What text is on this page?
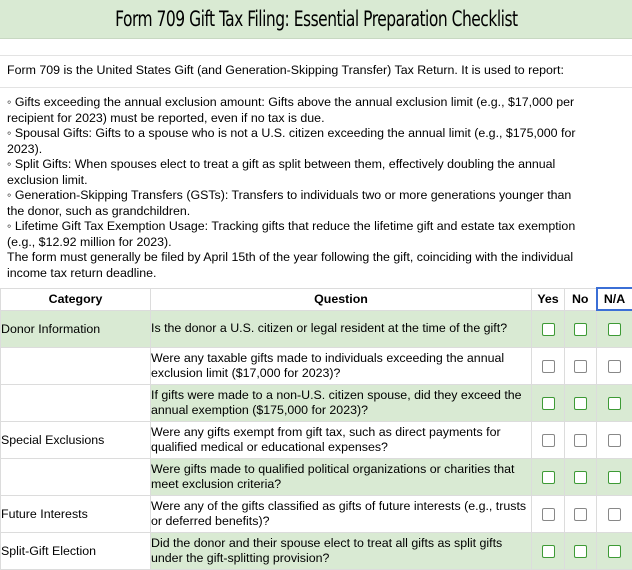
Form 709 Gift Tax Filing: Essential Preparation Checklist
Form 709 is the United States Gift (and Generation-Skipping Transfer) Tax Return. It is used to report:
◦ Gifts exceeding the annual exclusion amount: Gifts above the annual exclusion limit (e.g., $17,000 per
recipient for 2023) must be reported, even if no tax is due.
◦ Spousal Gifts: Gifts to a spouse who is not a U.S. citizen exceeding the annual limit (e.g., $175,000 for
2023).
◦ Split Gifts: When spouses elect to treat a gift as split between them, effectively doubling the annual
exclusion limit.
◦ Generation-Skipping Transfers (GSTs): Transfers to individuals two or more generations younger than
the donor, such as grandchildren.
◦ Lifetime Gift Tax Exemption Usage: Tracking gifts that reduce the lifetime gift and estate tax exemption
(e.g., $12.92 million for 2023).
The form must generally be filed by April 15th of the year following the gift, coinciding with the individual
income tax return deadline.
Category	Question	Yes	No	N/A
Donor Information	Is the donor a U.S. citizen or legal resident at the time of the gift?			
	Were any taxable gifts made to individuals exceeding the annual exclusion limit ($17,000 for 2023)?			
	If gifts were made to a non-U.S. citizen spouse, did they exceed the annual exemption ($175,000 for 2023)?			
Special Exclusions	Were any gifts exempt from gift tax, such as direct payments for qualified medical or educational expenses?			
	Were gifts made to qualified political organizations or charities that meet exclusion criteria?			
Future Interests	Were any of the gifts classified as gifts of future interests (e.g., trusts or deferred benefits)?			
Split-Gift Election	Did the donor and their spouse elect to treat all gifts as split gifts under the gift-splitting provision?			
